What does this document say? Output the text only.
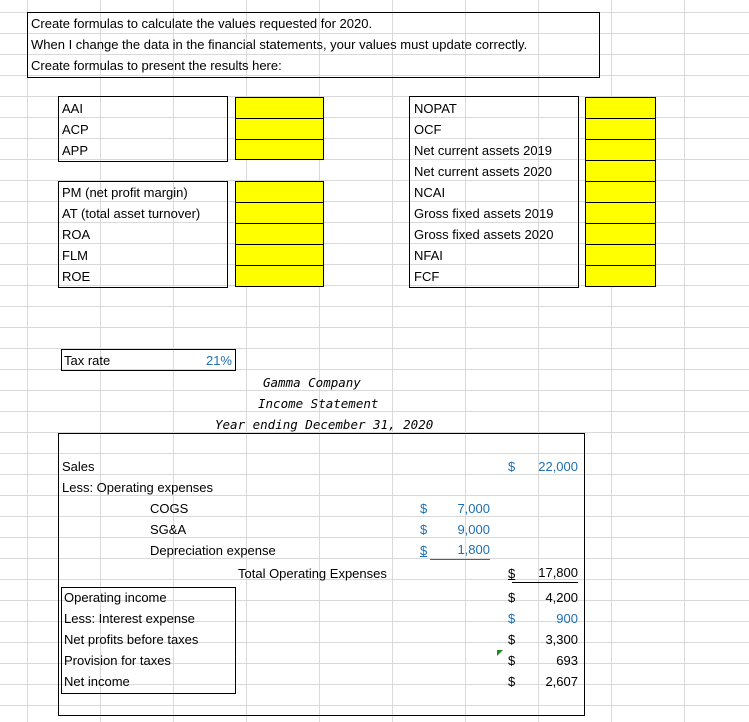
Create formulas to calculate the values requested for 2020.
When I change the data in the financial statements, your values must update correctly.
Create formulas to present the results here:
AAI
ACP
APP
PM (net profit margin)
AT (total asset turnover)
ROA
FLM
ROE
NOPAT
OCF
Net current assets 2019
Net current assets 2020
NCAI
Gross fixed assets 2019
Gross fixed assets 2020
NFAI
FCF
Tax rate	21%
Gamma Company
Income Statement
Year ending December 31, 2020
Sales	$	22,000
Less: Operating expenses
COGS	$	7,000
SG&A	$	9,000
Depreciation expense	$	1,800
Total Operating Expenses	$	17,800
Operating income	$	4,200
Less: Interest expense	$	900
Net profits before taxes	$	3,300
Provision for taxes	$	693
Net income	$	2,607
